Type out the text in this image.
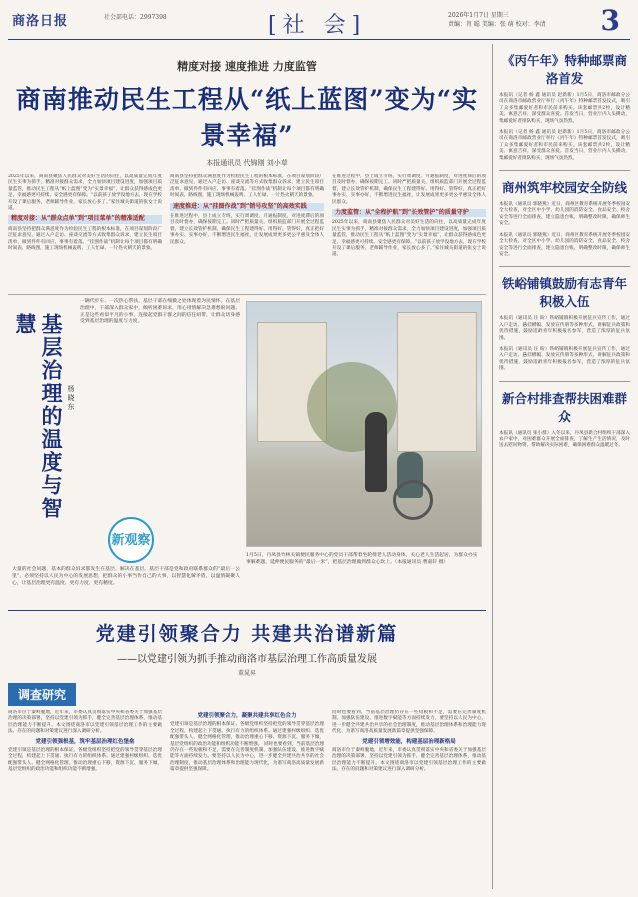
商洛日报	社会部电话：2997398	[社 会]	2026年1月7日 星期三
责编：肖 聪 美编：张 萌 校对：李清	3
精度对接 速度推进 力度监管
商南推动民生工程从“纸上蓝图”变为“实景幸福”
本报通讯员 代锦刚 刘小草
2025年以来，商南县聚焦人民群众对美好生活的向往，以高质量完成年度民生实事为抓手，精准对接群众需求，全力加快项目建设进度，加强项目质量监管，推动民生工程从“纸上蓝图”变为“实景幸福”，让群众获得感成色更足、幸福感更可持续、安全感更有保障。“以前孩子放学没地方去，现在学校开设了课后服务，老师辅导作业，家长放心多了。”家住城关街道的张女士说道。
精度对接：从“群众点单”到“项目菜单”的精准适配
商南县坚持把群众满意度作为检验民生工程的根本标准，在项目谋划阶段广泛征求意见，通过入户走访、座谈交流等方式收集群众诉求，建立民生项目清单，做到件件有回应、事事有着落。“挂图作战”机制让每个项目都有明确时间表、路线图，施工现场机械轰鸣、工人忙碌，一片热火朝天的景象。
商南县坚持把群众满意度作为检验民生工程的根本标准，在项目谋划阶段广泛征求意见，通过入户走访、座谈交流等方式收集群众诉求，建立民生项目清单，做到件件有回应、事事有着落。“挂图作战”机制让每个项目都有明确时间表、路线图，施工现场机械轰鸣、工人忙碌，一片热火朝天的景象。
速度推进：从“挂图作战”到“销号攻坚”的高效实践
在推进过程中，县上成立专班，实行周调度、月通报制度，对进度滞后的项目及时督办，确保按期完工。同时严把质量关，组织质监部门开展全过程监督，建立长效管护机制，确保民生工程建得好、用得好、管得好，真正把好事办实、实事办好，不断增进民生福祉，让发展成果更多更公平惠及全体人民群众。
在推进过程中，县上成立专班，实行周调度、月通报制度，对进度滞后的项目及时督办，确保按期完工。同时严把质量关，组织质监部门开展全过程监督，建立长效管护机制，确保民生工程建得好、用得好、管得好，真正把好事办实、实事办好，不断增进民生福祉，让发展成果更多更公平惠及全体人民群众。
力度监管：从“全程护航”到“长效管护”的质量守护
2025年以来，商南县聚焦人民群众对美好生活的向往，以高质量完成年度民生实事为抓手，精准对接群众需求，全力加快项目建设进度，加强项目质量监管，推动民生工程从“纸上蓝图”变为“实景幸福”，让群众获得感成色更足、幸福感更可持续、安全感更有保障。“以前孩子放学没地方去，现在学校开设了课后服务，老师辅导作业，家长放心多了。”家住城关街道的张女士说道。
基层治理的温度与智慧
杨晓东
一辆代步车、一次热心帮扶，基层干部在细微之处体现着为民情怀。在基层治理中，干部深入群众家中，倾听困难诉求，用心用情解决急难愁盼问题。正是这些看似平凡的小事，连接起党群干群之间的信任纽带，让群众切身感受到基层治理的温度与力度。
新观察
大量的社会问题、基本的群众诉求都发生在基层、解决在基层。基层干部是党和政府联系群众的“最后一公里”，必须坚持以人民为中心的发展思想，把群众的小事当作自己的大事，以智慧化解矛盾，以温情凝聚人心，让基层治理更有温度、更有力度、更有精度。
1月5日，丹凤县竹林关镇便民服务中心的党员干部帮着坐轮椅老人活动身体，关心老人生活起居，为群众办实事解难题，延伸便民服务的“最后一米”，把基层治理做到群众心坎上。（本报通讯员 曹嘉轩 摄）
党建引领聚合力 共建共治谱新篇
——以党建引领为抓手推动商洛市基层治理工作高质量发展
董晁昇
调查研究
商洛市位于秦岭腹地，近年来，市委认真贯彻落实中央和省委关于加强基层治理的决策部署，坚持以党建引领为抓手，健全完善基层治理体系，推动基层治理能力不断提升。本文围绕商洛市以党建引领基层治理工作的主要做法、存在的问题和对策建议进行深入调研分析。
党建引领强根基，筑牢基层治理红色堡垒
党建引领是基层治理的根本保证。各级党组织坚持把党的领导贯穿基层治理全过程，构建起上下贯通、执行有力的组织体系。通过建强村级组织、选优配强带头人、健全网格化管理，推动治理重心下移、资源下沉、服务下倾，基层党组织的政治功能和组织功能不断增强。
党建引领聚合力，凝聚共建共享红色合力
党建引领是基层治理的根本保证。各级党组织坚持把党的领导贯穿基层治理全过程，构建起上下贯通、执行有力的组织体系。通过建强村级组织、选优配强带头人、健全网格化管理，推动治理重心下移、资源下沉、服务下倾，基层党组织的政治功能和组织功能不断增强。 同时也要看到，当前基层治理仍存在一些短板和不足，需要在完善制度机制、加强队伍建设、推进数字赋能等方面持续发力。要坚持以人民为中心，进一步健全共建共治共享的社会治理制度，推动基层治理体系和治理能力现代化，为谱写商洛高质量发展新篇章提供坚强保障。
同时也要看到，当前基层治理仍存在一些短板和不足，需要在完善制度机制、加强队伍建设、推进数字赋能等方面持续发力。要坚持以人民为中心，进一步健全共建共治共享的社会治理制度，推动基层治理体系和治理能力现代化，为谱写商洛高质量发展新篇章提供坚强保障。
党建引领增效能，构建基层治理新格局
商洛市位于秦岭腹地，近年来，市委认真贯彻落实中央和省委关于加强基层治理的决策部署，坚持以党建引领为抓手，健全完善基层治理体系，推动基层治理能力不断提升。本文围绕商洛市以党建引领基层治理工作的主要做法、存在的问题和对策建议进行深入调研分析。
《丙午年》特种邮票商洛首发
本报讯（记者 杨 鑫 通讯员 赵新新）1月5日，商洛市邮政分公司在商洛市邮政营业厅举行《丙午年》特种邮票首发仪式，吸引了众多集邮爱好者和市民前来购买。该套邮票共2枚，设计精美、寓意吉祥，深受群众喜爱。首发当日，营业厅内人头攒动，集邮爱好者排队购买，现场气氛热烈。
本报讯（记者 杨 鑫 通讯员 赵新新）1月5日，商洛市邮政分公司在商洛市邮政营业厅举行《丙午年》特种邮票首发仪式，吸引了众多集邮爱好者和市民前来购买。该套邮票共2枚，设计精美、寓意吉祥，深受群众喜爱。首发当日，营业厅内人头攒动，集邮爱好者排队购买，现场气氛热烈。
商州筑牢校园安全防线
本报讯（通讯员 郭晓燕）近日，商州区教育系统开展冬季校园安全大检查，对全区中小学、幼儿园的消防安全、食品安全、校舍安全等进行全面排查，建立隐患台账，明确整改时限，确保师生安全。
本报讯（通讯员 郭晓燕）近日，商州区教育系统开展冬季校园安全大检查，对全区中小学、幼儿园的消防安全、食品安全、校舍安全等进行全面排查，建立隐患台账，明确整改时限，确保师生安全。
铁峪铺镇鼓励有志青年积极入伍
本报讯（通讯员 汪 盼）铁峪铺镇积极开展征兵宣传工作，通过入户走访、悬挂横幅、发放宣传册等多种形式，讲解征兵政策和优待措施，鼓励适龄青年积极报名参军，营造了浓厚的征兵氛围。
本报讯（通讯员 汪 盼）铁峪铺镇积极开展征兵宣传工作，通过入户走访、悬挂横幅、发放宣传册等多种形式，讲解征兵政策和优待措施，鼓励适龄青年积极报名参军，营造了浓厚的征兵氛围。
新合村排查帮扶困难群众
本报讯（通讯员 张小群）入冬以来，丹凤县新合村组织干部深入农户家中，对困难群众开展全面排查，了解生产生活情况，及时送去慰问物资，帮助解决实际困难，确保困难群众温暖过冬。
